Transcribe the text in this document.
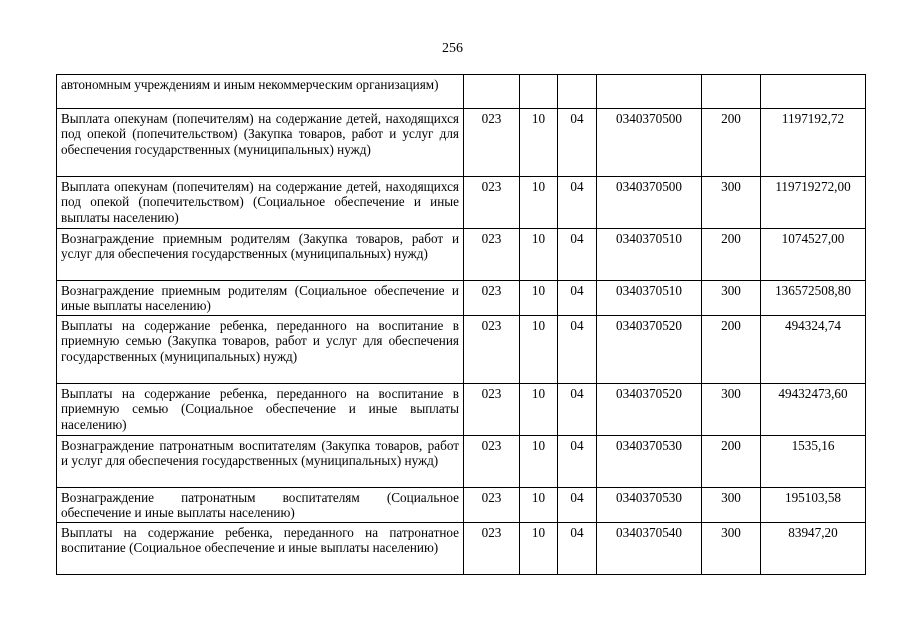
256
автономным учреждениям и иным некоммерческим организациям)						
Выплата опекунам (попечителям) на содержание детей, находящихся под опекой (попечительством) (Закупка товаров, работ и услуг для обеспечения государственных (муниципальных) нужд)	023	10	04	0340370500	200	1197192,72
Выплата опекунам (попечителям) на содержание детей, находящихся под опекой (попечительством) (Социальное обеспечение и иные выплаты населению)	023	10	04	0340370500	300	119719272,00
Вознаграждение приемным родителям (Закупка товаров, работ и услуг для обеспечения государственных (муниципальных) нужд)	023	10	04	0340370510	200	1074527,00
Вознаграждение приемным родителям (Социальное обеспечение и иные выплаты населению)	023	10	04	0340370510	300	136572508,80
Выплаты на содержание ребенка, переданного на воспитание в приемную семью (Закупка товаров, работ и услуг для обеспечения государственных (муниципальных) нужд)	023	10	04	0340370520	200	494324,74
Выплаты на содержание ребенка, переданного на воспитание в приемную семью (Социальное обеспечение и иные выплаты населению)	023	10	04	0340370520	300	49432473,60
Вознаграждение патронатным воспитателям (Закупка товаров, работ и услуг для обеспечения государственных (муниципальных) нужд)	023	10	04	0340370530	200	1535,16
Вознаграждение патронатным воспитателям (Социальное обеспечение и иные выплаты населению)	023	10	04	0340370530	300	195103,58
Выплаты на содержание ребенка, переданного на патронатное воспитание (Социальное обеспечение и иные выплаты населению)	023	10	04	0340370540	300	83947,20
